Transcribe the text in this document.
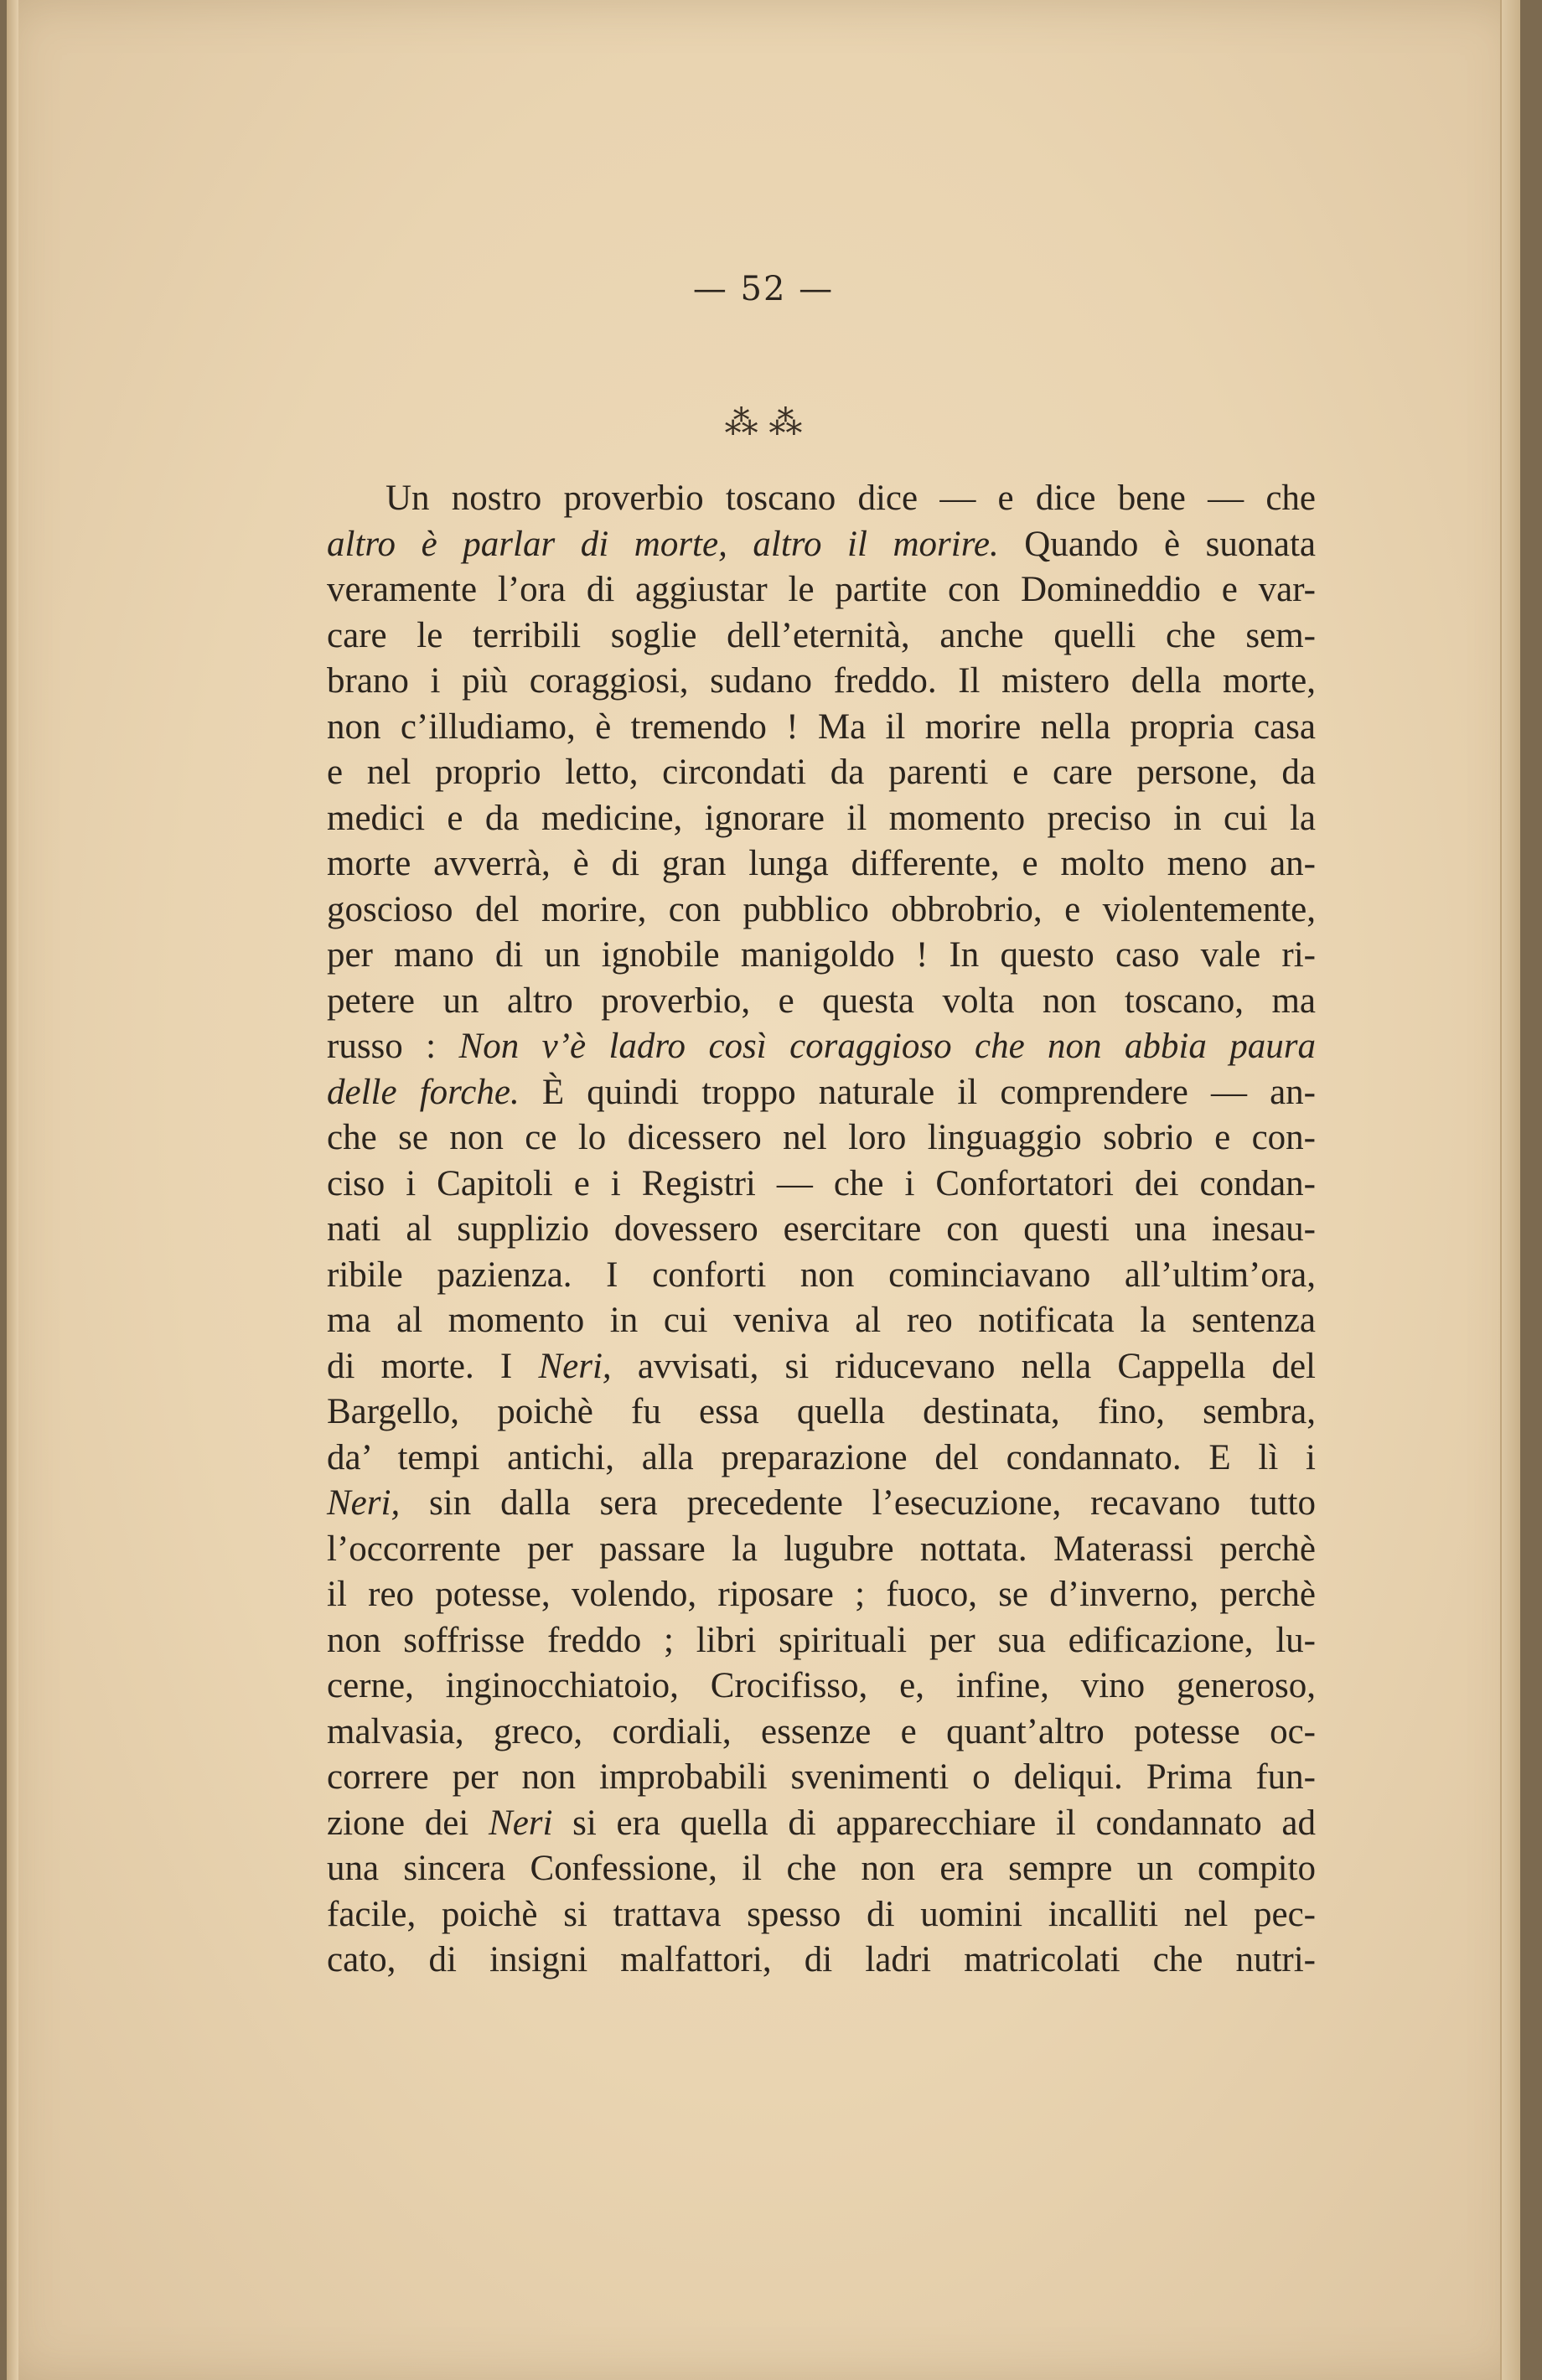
— 52 —
⁂ ⁂
Un nostro proverbio toscano dice — e dice bene — che
altro è parlar di morte, altro il morire. Quando è suonata
veramente l’ora di aggiustar le partite con Domineddio e var-
care le terribili soglie dell’eternità, anche quelli che sem-
brano i più coraggiosi, sudano freddo. Il mistero della morte,
non c’illudiamo, è tremendo ! Ma il morire nella propria casa
e nel proprio letto, circondati da parenti e care persone, da
medici e da medicine, ignorare il momento preciso in cui la
morte avverrà, è di gran lunga differente, e molto meno an-
goscioso del morire, con pubblico obbrobrio, e violentemente,
per mano di un ignobile manigoldo ! In questo caso vale ri-
petere un altro proverbio, e questa volta non toscano, ma
russo : Non v’è ladro così coraggioso che non abbia paura
delle forche. È quindi troppo naturale il comprendere — an-
che se non ce lo dicessero nel loro linguaggio sobrio e con-
ciso i Capitoli e i Registri — che i Confortatori dei condan-
nati al supplizio dovessero esercitare con questi una inesau-
ribile pazienza. I conforti non cominciavano all’ultim’ora,
ma al momento in cui veniva al reo notificata la sentenza
di morte. I Neri, avvisati, si riducevano nella Cappella del
Bargello, poichè fu essa quella destinata, fino, sembra,
da’ tempi antichi, alla preparazione del condannato. E lì i
Neri, sin dalla sera precedente l’esecuzione, recavano tutto
l’occorrente per passare la lugubre nottata. Materassi perchè
il reo potesse, volendo, riposare ; fuoco, se d’inverno, perchè
non soffrisse freddo ; libri spirituali per sua edificazione, lu-
cerne, inginocchiatoio, Crocifisso, e, infine, vino generoso,
malvasia, greco, cordiali, essenze e quant’altro potesse oc-
correre per non improbabili svenimenti o deliqui. Prima fun-
zione dei Neri si era quella di apparecchiare il condannato ad
una sincera Confessione, il che non era sempre un compito
facile, poichè si trattava spesso di uomini incalliti nel pec-
cato, di insigni malfattori, di ladri matricolati che nutri-
